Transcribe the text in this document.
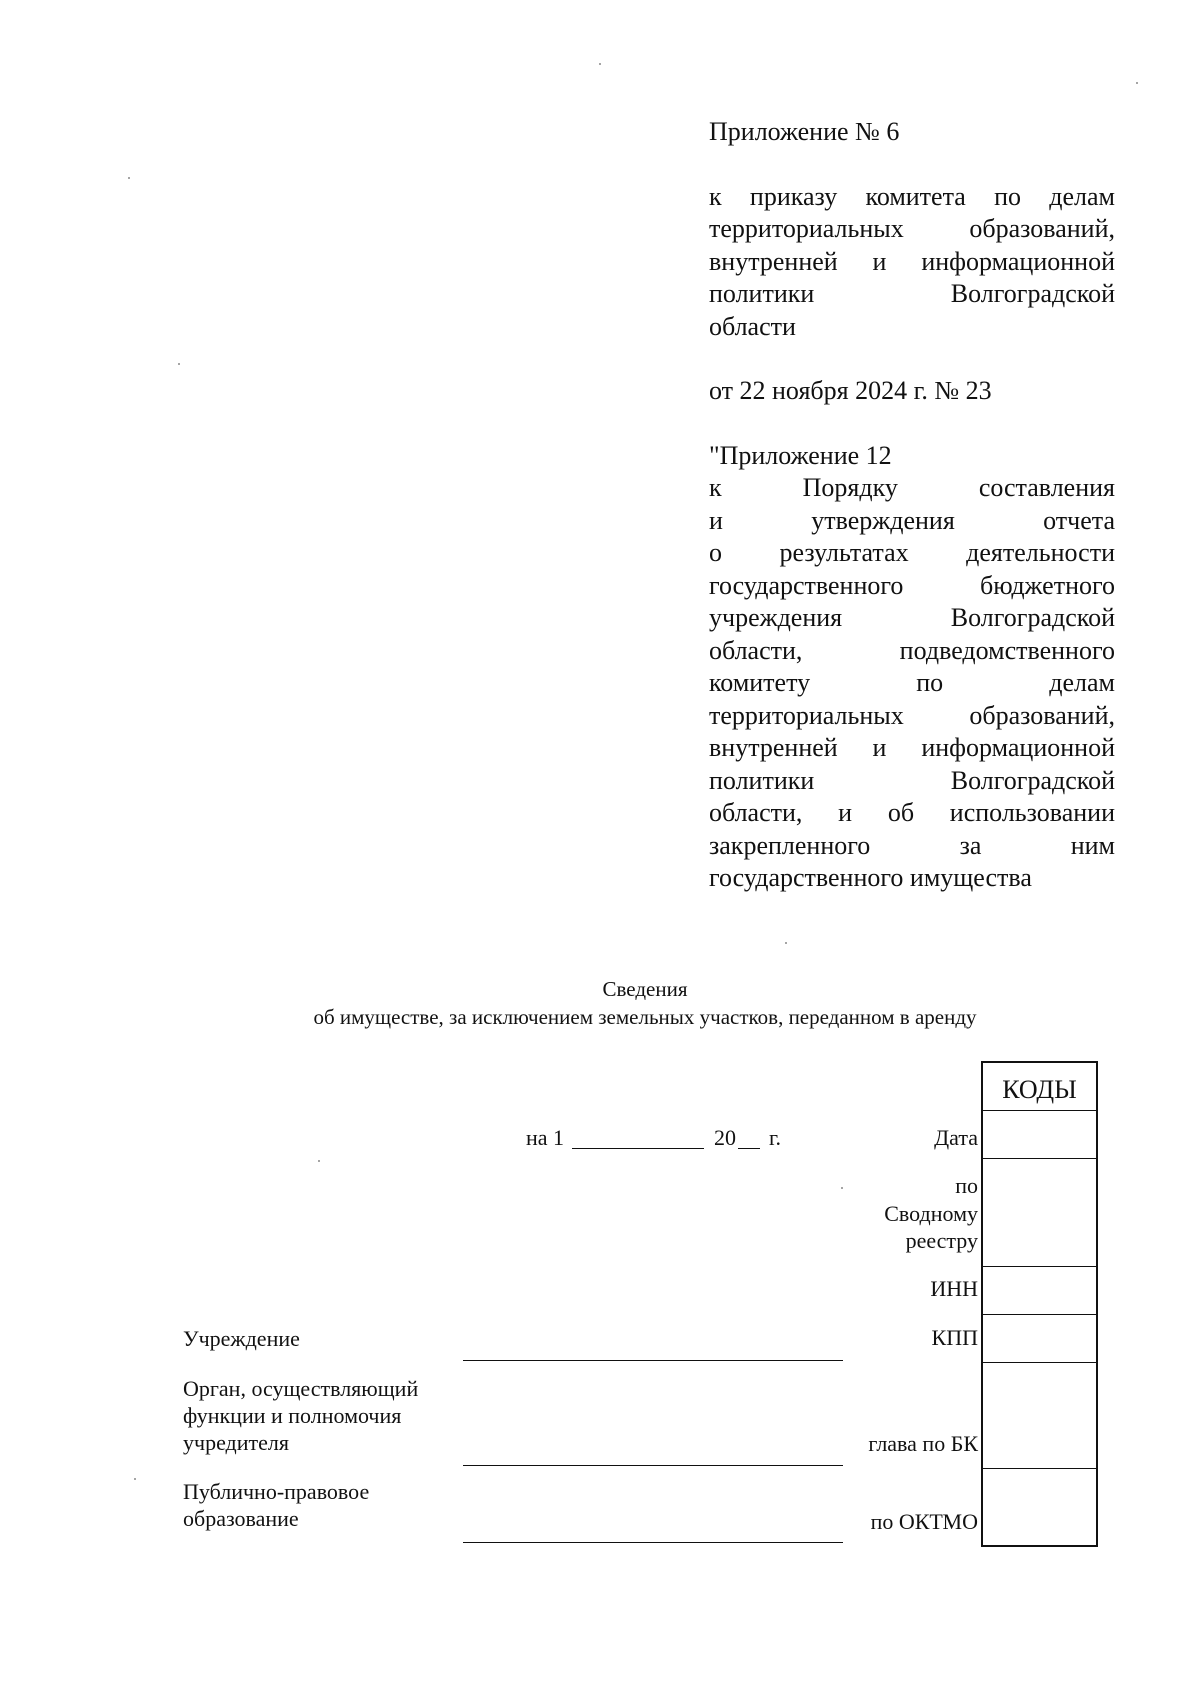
Приложение № 6
к приказу комитета по делам
территориальных образований,
внутренней и информационной
политики Волгоградской
области
от 22 ноября 2024 г. № 23
"Приложение 12
к Порядку составления
и утверждения отчета
о результатах деятельности
государственного бюджетного
учреждения Волгоградской
области, подведомственного
комитету по делам
территориальных образований,
внутренней и информационной
политики Волгоградской
области, и об использовании
закрепленного за ним
государственного имущества
Сведения
об имуществе, за исключением земельных участков, переданном в аренду
на 1	20 г.	Дата
по
Сводному
реестру
ИНН
КПП
глава по БК
по ОКТМО
КОДЫ
Учреждение
Орган, осуществляющий
функции и полномочия
учредителя
Публично-правовое
образование
